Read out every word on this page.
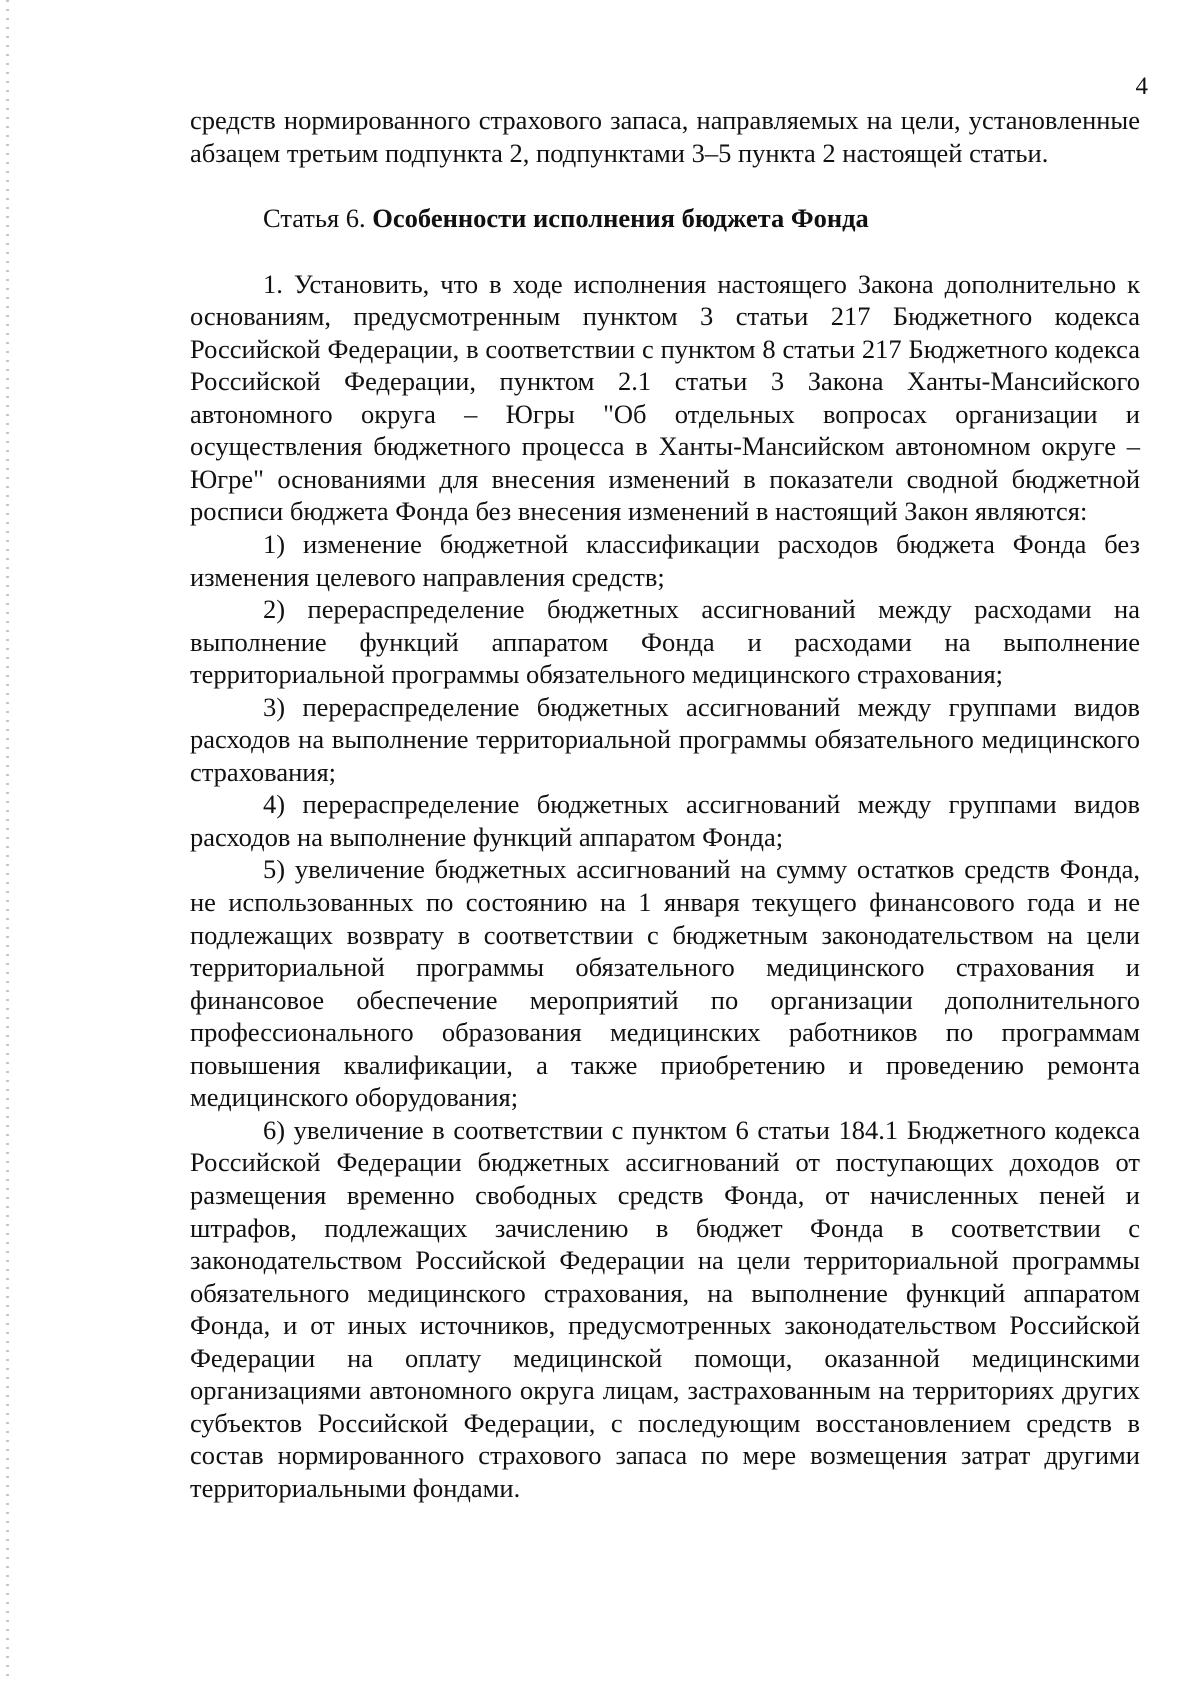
4

средств нормированного страхового запаса, направляемых на цели, установленные абзацем третьим подпункта 2, подпунктами 3–5 пункта 2 настоящей статьи.

Статья 6. Особенности исполнения бюджета Фонда

1. Установить, что в ходе исполнения настоящего Закона дополнительно к основаниям, предусмотренным пунктом 3 статьи 217 Бюджетного кодекса Российской Федерации, в соответствии с пунктом 8 статьи 217 Бюджетного кодекса Российской Федерации, пунктом 2.1 статьи 3 Закона Ханты-Мансийского автономного округа – Югры "Об отдельных вопросах организации и осуществления бюджетного процесса в Ханты-Мансийском автономном округе – Югре" основаниями для внесения изменений в показатели сводной бюджетной росписи бюджета Фонда без внесения изменений в настоящий Закон являются:

1) изменение бюджетной классификации расходов бюджета Фонда без изменения целевого направления средств;

2) перераспределение бюджетных ассигнований между расходами на выполнение функций аппаратом Фонда и расходами на выполнение территориальной программы обязательного медицинского страхования;

3) перераспределение бюджетных ассигнований между группами видов расходов на выполнение территориальной программы обязательного медицинского страхования;

4) перераспределение бюджетных ассигнований между группами видов расходов на выполнение функций аппаратом Фонда;

5) увеличение бюджетных ассигнований на сумму остатков средств Фонда, не использованных по состоянию на 1 января текущего финансового года и не подлежащих возврату в соответствии с бюджетным законодательством на цели территориальной программы обязательного медицинского страхования и финансовое обеспечение мероприятий по организации дополнительного профессионального образования медицинских работников по программам повышения квалификации, а также приобретению и проведению ремонта медицинского оборудования;

6) увеличение в соответствии с пунктом 6 статьи 184.1 Бюджетного кодекса Российской Федерации бюджетных ассигнований от поступающих доходов от размещения временно свободных средств Фонда, от начисленных пеней и штрафов, подлежащих зачислению в бюджет Фонда в соответствии с законодательством Российской Федерации на цели территориальной программы обязательного медицинского страхования, на выполнение функций аппаратом Фонда, и от иных источников, предусмотренных законодательством Российской Федерации на оплату медицинской помощи, оказанной медицинскими организациями автономного округа лицам, застрахованным на территориях других субъектов Российской Федерации, с последующим восстановлением средств в состав нормированного страхового запаса по мере возмещения затрат другими территориальными фондами.
